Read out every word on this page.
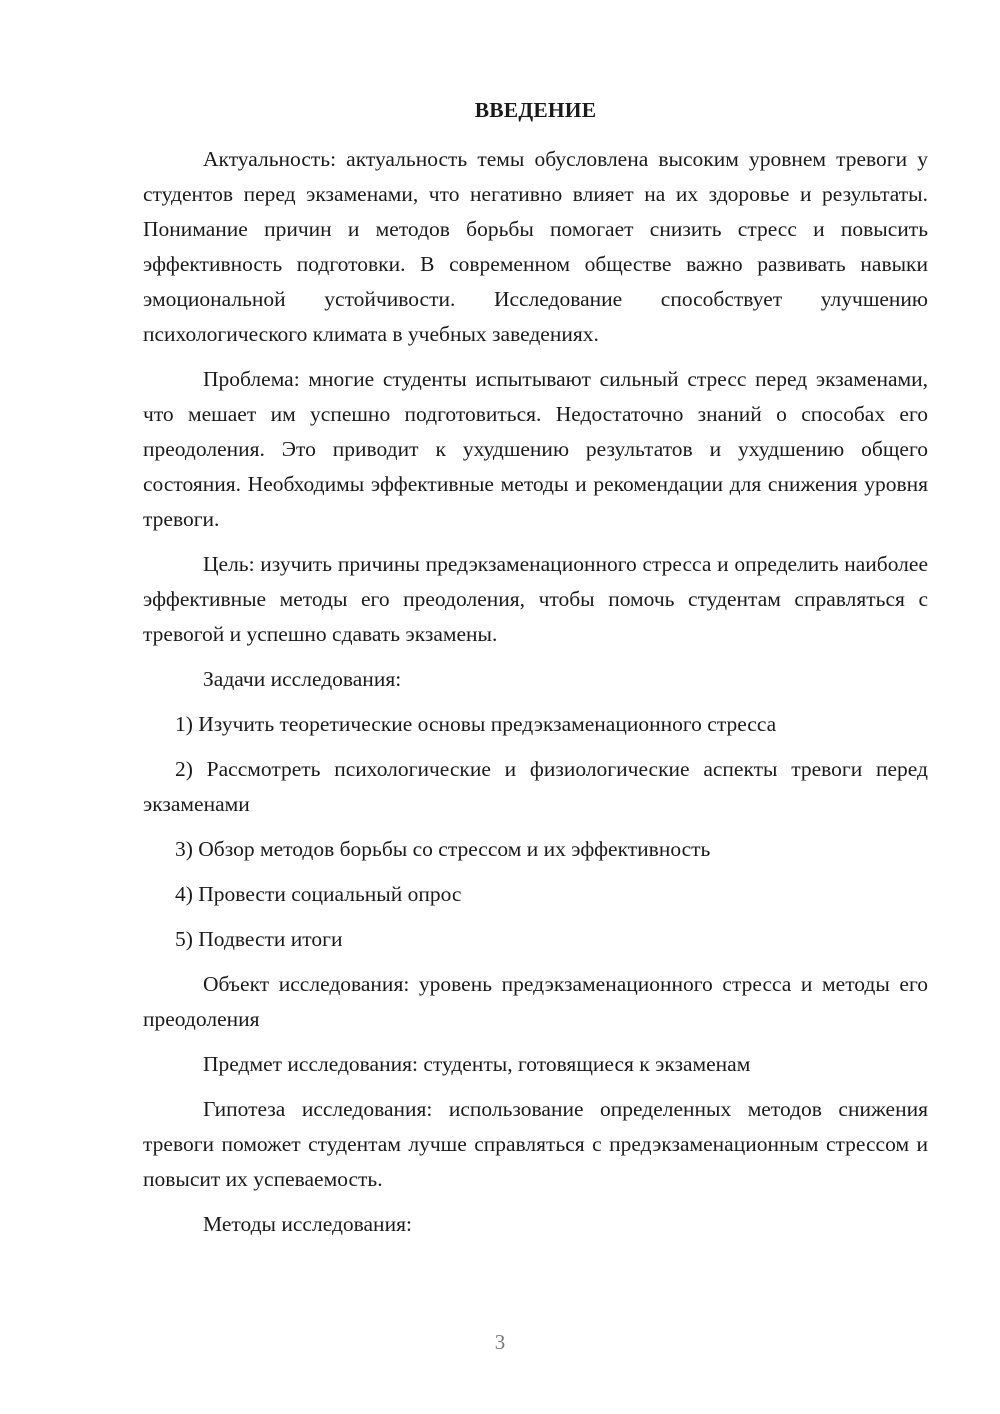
ВВЕДЕНИЕ

Актуальность: актуальность темы обусловлена высоким уровнем тревоги у студентов перед экзаменами, что негативно влияет на их здоровье и результаты. Понимание причин и методов борьбы помогает снизить стресс и повысить эффективность подготовки. В современном обществе важно развивать навыки эмоциональной устойчивости. Исследование способствует улучшению психологического климата в учебных заведениях.

Проблема: многие студенты испытывают сильный стресс перед экзаменами, что мешает им успешно подготовиться. Недостаточно знаний о способах его преодоления. Это приводит к ухудшению результатов и ухудшению общего состояния. Необходимы эффективные методы и рекомендации для снижения уровня тревоги.

Цель: изучить причины предэкзаменационного стресса и определить наиболее эффективные методы его преодоления, чтобы помочь студентам справляться с тревогой и успешно сдавать экзамены.

Задачи исследования:

1) Изучить теоретические основы предэкзаменационного стресса

2) Рассмотреть психологические и физиологические аспекты тревоги перед экзаменами

3) Обзор методов борьбы со стрессом и их эффективность

4) Провести социальный опрос

5) Подвести итоги

Объект исследования: уровень предэкзаменационного стресса и методы его преодоления

Предмет исследования: студенты, готовящиеся к экзаменам

Гипотеза исследования: использование определенных методов снижения тревоги поможет студентам лучше справляться с предэкзаменационным стрессом и повысит их успеваемость.

Методы исследования:

3
